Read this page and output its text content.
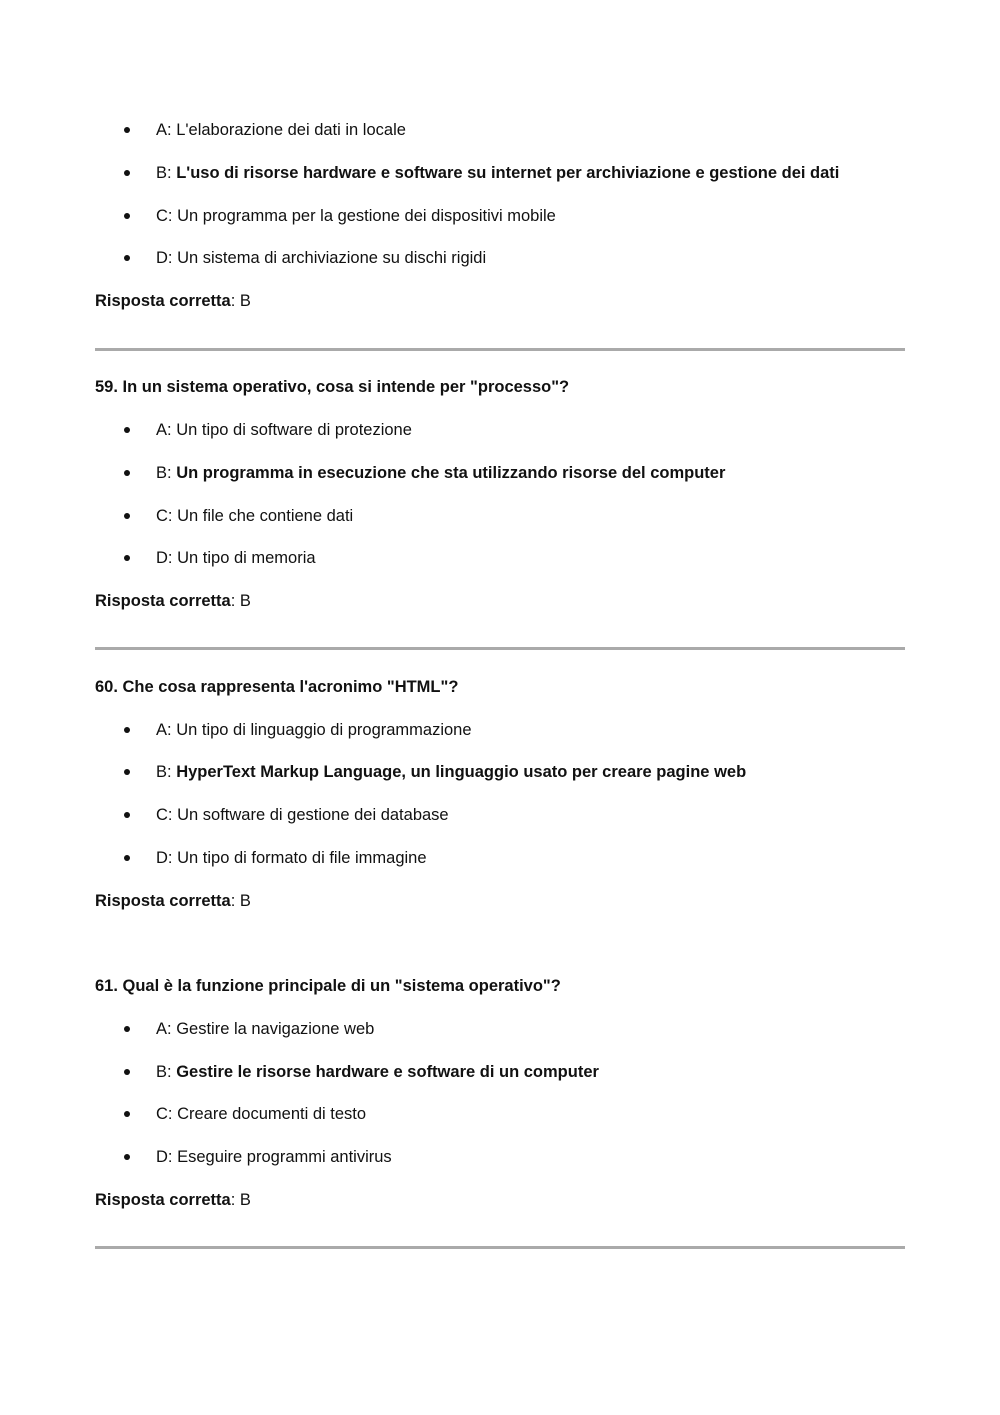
A: L'elaborazione dei dati in locale
B: L'uso di risorse hardware e software su internet per archiviazione e gestione dei dati
C: Un programma per la gestione dei dispositivi mobile
D: Un sistema di archiviazione su dischi rigidi
Risposta corretta: B
59. In un sistema operativo, cosa si intende per "processo"?
A: Un tipo di software di protezione
B: Un programma in esecuzione che sta utilizzando risorse del computer
C: Un file che contiene dati
D: Un tipo di memoria
Risposta corretta: B
60. Che cosa rappresenta l'acronimo "HTML"?
A: Un tipo di linguaggio di programmazione
B: HyperText Markup Language, un linguaggio usato per creare pagine web
C: Un software di gestione dei database
D: Un tipo di formato di file immagine
Risposta corretta: B
61. Qual è la funzione principale di un "sistema operativo"?
A: Gestire la navigazione web
B: Gestire le risorse hardware e software di un computer
C: Creare documenti di testo
D: Eseguire programmi antivirus
Risposta corretta: B
